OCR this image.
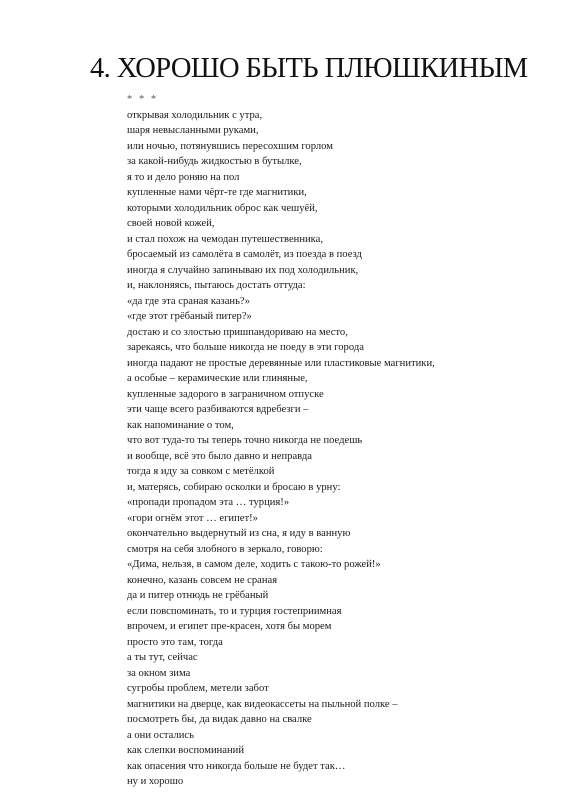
4. ХОРОШО БЫТЬ ПЛЮШКИНЫМ
* * *
открывая холодильник с утра,
шаря невысланными руками,
или ночью, потянувшись пересохшим горлом
за какой-нибудь жидкостью в бутылке,
я то и дело роняю на пол
купленные нами чёрт-те где магнитики,
которыми холодильник оброс как чешуёй,
своей новой кожей,
и стал похож на чемодан путешественника,
бросаемый из самолёта в самолёт, из поезда в поезд
иногда я случайно запинываю их под холодильник,
и, наклоняясь, пытаюсь достать оттуда:
«да где эта сраная казань?»
«где этот грёбаный питер?»
достаю и со злостью пришпандориваю на место,
зарекаясь, что больше никогда не поеду в эти города
иногда падают не простые деревянные или пластиковые магнитики,
а особые – керамические или глиняные,
купленные задорого в заграничном отпуске
эти чаще всего разбиваются вдребезги –
как напоминание о том,
что вот туда-то ты теперь точно никогда не поедешь
и вообще, всё это было давно и неправда
тогда я иду за совком с метёлкой
и, матерясь, собираю осколки и бросаю в урну:
«пропади пропадом эта … турция!»
«гори огнём этот … египет!»
окончательно выдернутый из сна, я иду в ванную
смотря на себя злобного в зеркало, говорю:
«Дима, нельзя, в самом деле, ходить с такою-то рожей!»
конечно, казань совсем не сраная
да и питер отнюдь не грёбаный
если повспоминать, то и турция гостеприимная
впрочем, и египет пре-красен, хотя бы морем
просто это там, тогда
а ты тут, сейчас
за окном зима
сугробы проблем, метели забот
магнитики на дверце, как видеокассеты на пыльной полке –
посмотреть бы, да видак давно на свалке
а они остались
как слепки воспоминаний
как опасения что никогда больше не будет так…
ну и хорошо
